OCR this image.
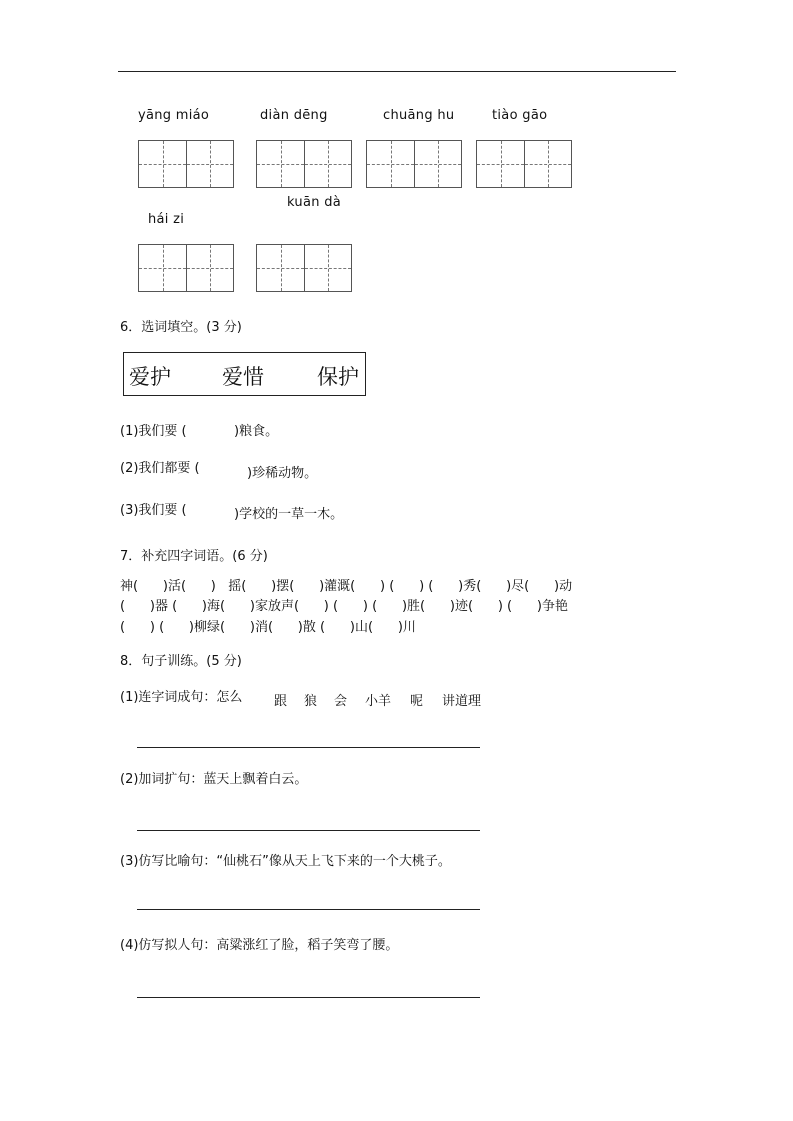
yāng miáo	diàn dēng	chuāng hu	tiào gāo
kuān dà
hái zi
6．选词填空。(3 分)
爱护 爱惜	保护
(1)我们要 (	)粮食。
(2)我们都要 (	)珍稀动物。
(3)我们要 (	)学校的一草一木。
7．补充四字词语。(6 分)
神(      )活(      )   摇(      )摆(      )灌溉(      ) (      ) (      )秀(      )尽(      )动
(      )器 (      )海(      )家放声(      ) (      ) (      )胜(      )迹(      ) (      )争艳
(      ) (      )柳绿(      )消(      )散 (      )山(      )川
8．句子训练。(5 分)
(1)连字词成句：怎么 跟 狼 会 小羊 呢 讲道理
(2)加词扩句：蓝天上飘着白云。
(3)仿写比喻句：“仙桃石”像从天上飞下来的一个大桃子。
(4)仿写拟人句：高粱涨红了脸，稻子笑弯了腰。
